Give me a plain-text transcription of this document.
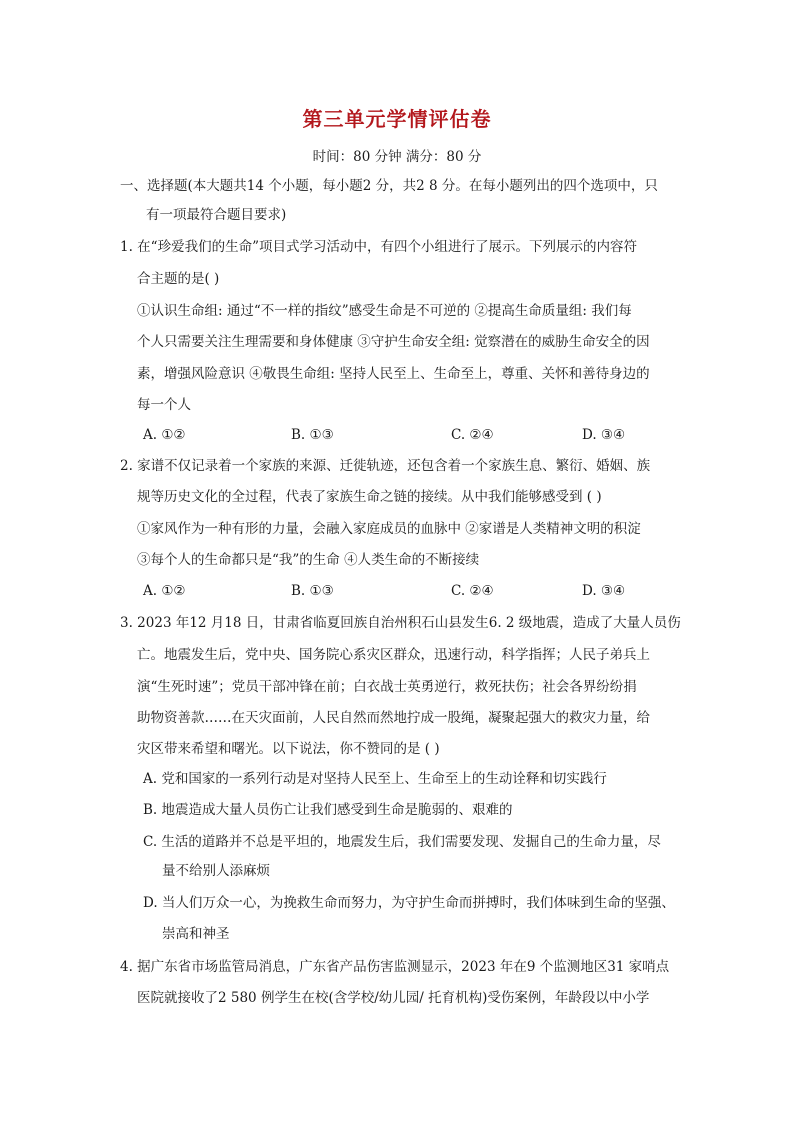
第三单元学情评估卷
时间：80 分钟 满分：80 分
一、选择题(本大题共14 个小题，每小题2 分，共2 8 分。在每小题列出的四个选项中，只
有一项最符合题目要求)
1. 在“珍爱我们的生命”项目式学习活动中，有四个小组进行了展示。下列展示的内容符
合主题的是( )
①认识生命组: 通过“不一样的指纹”感受生命是不可逆的 ②提高生命质量组: 我们每
个人只需要关注生理需要和身体健康 ③守护生命安全组: 觉察潜在的威胁生命安全的因
素，增强风险意识 ④敬畏生命组: 坚持人民至上、生命至上，尊重、关怀和善待身边的
每一个人
A. ①②	B. ①③	C. ②④	D. ③④
2. 家谱不仅记录着一个家族的来源、迁徙轨迹，还包含着一个家族生息、繁衍、婚姻、族
规等历史文化的全过程，代表了家族生命之链的接续。从中我们能够感受到 ( )
①家风作为一种有形的力量，会融入家庭成员的血脉中 ②家谱是人类精神文明的积淀
③每个人的生命都只是“我”的生命 ④人类生命的不断接续
A. ①②	B. ①③	C. ②④	D. ③④
3. 2023 年12 月18 日，甘肃省临夏回族自治州积石山县发生6. 2 级地震，造成了大量人员伤
亡。地震发生后，党中央、国务院心系灾区群众，迅速行动，科学指挥；人民子弟兵上
演“生死时速”；党员干部冲锋在前；白衣战士英勇逆行，救死扶伤；社会各界纷纷捐
助物资善款……在天灾面前，人民自然而然地拧成一股绳，凝聚起强大的救灾力量，给
灾区带来希望和曙光。以下说法，你不赞同的是 ( )
A. 党和国家的一系列行动是对坚持人民至上、生命至上的生动诠释和切实践行
B. 地震造成大量人员伤亡让我们感受到生命是脆弱的、艰难的
C. 生活的道路并不总是平坦的，地震发生后，我们需要发现、发掘自己的生命力量，尽
量不给别人添麻烦
D. 当人们万众一心，为挽救生命而努力，为守护生命而拼搏时，我们体味到生命的坚强、
崇高和神圣
4. 据广东省市场监管局消息，广东省产品伤害监测显示，2023 年在9 个监测地区31 家哨点
医院就接收了2 580 例学生在校(含学校/幼儿园/ 托育机构)受伤案例，年龄段以中小学
